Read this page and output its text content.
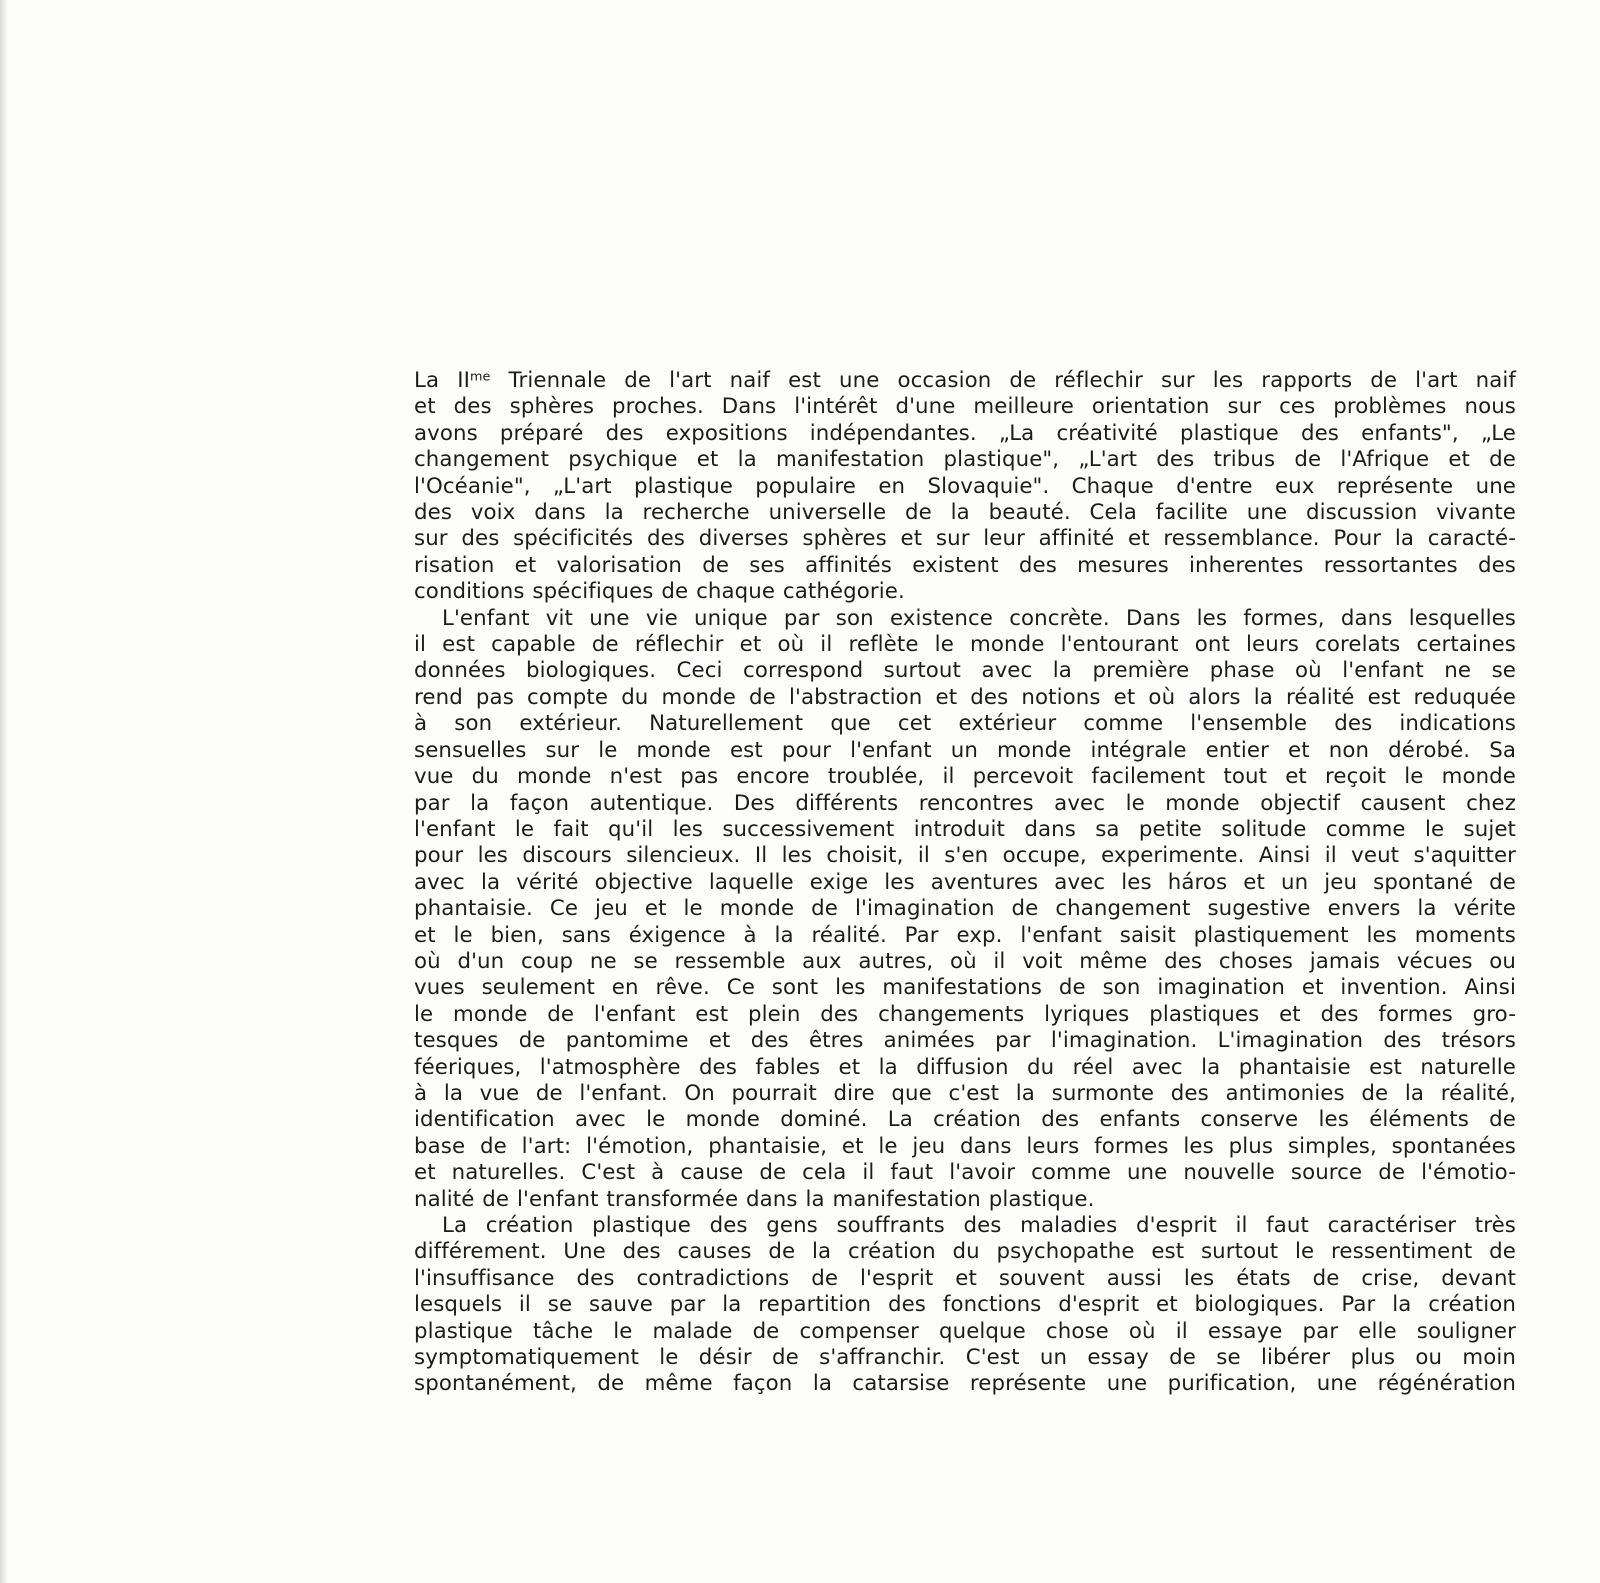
La $II^{me}$ Triennale de l'art naif est une occasion de réflechir sur les rapports de l'art naif
et des sphères proches. Dans l'intérêt d'une meilleure orientation sur ces problèmes nous
avons préparé des expositions indépendantes. „La créativité plastique des enfants", „Le
changement psychique et la manifestation plastique", „L'art des tribus de l'Afrique et de
l'Océanie", „L'art plastique populaire en Slovaquie". Chaque d'entre eux représente une
des voix dans la recherche universelle de la beauté. Cela facilite une discussion vivante
sur des spécificités des diverses sphères et sur leur affinité et ressemblance. Pour la caracté-
risation et valorisation de ses affinités existent des mesures inherentes ressortantes des
conditions spécifiques de chaque cathégorie.
L'enfant vit une vie unique par son existence concrète. Dans les formes, dans lesquelles
il est capable de réflechir et où il reflète le monde l'entourant ont leurs corelats certaines
données biologiques. Ceci correspond surtout avec la première phase où l'enfant ne se
rend pas compte du monde de l'abstraction et des notions et où alors la réalité est reduquée
à son extérieur. Naturellement que cet extérieur comme l'ensemble des indications
sensuelles sur le monde est pour l'enfant un monde intégrale entier et non dérobé. Sa
vue du monde n'est pas encore troublée, il percevoit facilement tout et reçoit le monde
par la façon autentique. Des différents rencontres avec le monde objectif causent chez
l'enfant le fait qu'il les successivement introduit dans sa petite solitude comme le sujet
pour les discours silencieux. Il les choisit, il s'en occupe, experimente. Ainsi il veut s'aquitter
avec la vérité objective laquelle exige les aventures avec les háros et un jeu spontané de
phantaisie. Ce jeu et le monde de l'imagination de changement sugestive envers la vérite
et le bien, sans éxigence à la réalité. Par exp. l'enfant saisit plastiquement les moments
où d'un coup ne se ressemble aux autres, où il voit même des choses jamais vécues ou
vues seulement en rêve. Ce sont les manifestations de son imagination et invention. Ainsi
le monde de l'enfant est plein des changements lyriques plastiques et des formes gro-
tesques de pantomime et des êtres animées par l'imagination. L'imagination des trésors
féeriques, l'atmosphère des fables et la diffusion du réel avec la phantaisie est naturelle
à la vue de l'enfant. On pourrait dire que c'est la surmonte des antimonies de la réalité,
identification avec le monde dominé. La création des enfants conserve les éléments de
base de l'art: l'émotion, phantaisie, et le jeu dans leurs formes les plus simples, spontanées
et naturelles. C'est à cause de cela il faut l'avoir comme une nouvelle source de l'émotio-
nalité de l'enfant transformée dans la manifestation plastique.
La création plastique des gens souffrants des maladies d'esprit il faut caractériser très
différement. Une des causes de la création du psychopathe est surtout le ressentiment de
l'insuffisance des contradictions de l'esprit et souvent aussi les états de crise, devant
lesquels il se sauve par la repartition des fonctions d'esprit et biologiques. Par la création
plastique tâche le malade de compenser quelque chose où il essaye par elle souligner
symptomatiquement le désir de s'affranchir. C'est un essay de se libérer plus ou moin
spontanément, de même façon la catarsise représente une purification, une régénération
